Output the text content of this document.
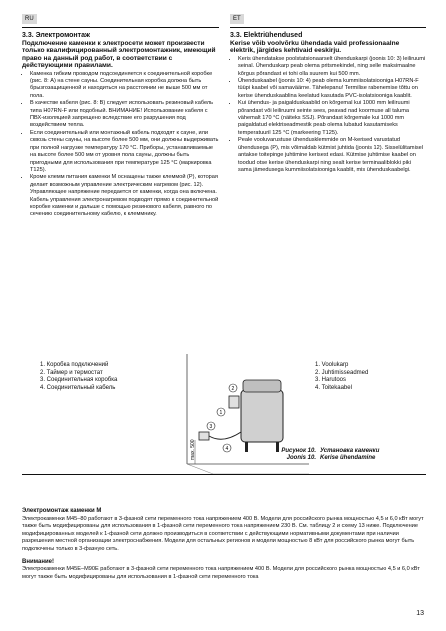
RU	ET
3.3. Электромонтаж

Подключение каменки к электросети может произвести только квалифицированный электромонтажник, имеющий право на данный род работ, в соответствии с действующими правилами.

• Каменка гибким проводом подсоединяется к соединительной коробке (рис. 8: А) на стене сауны. Соединительная коробка должна быть брызгозащищенной и находиться на расстоянии не выше 500 мм от пола.
• В качестве кабеля (рис. 8: B) следует использовать резиновый кабель типа H07RN-F или подобный. ВНИМАНИЕ! Использование кабеля с ПВХ-изоляцией запрещено вследствие его разрушения под воздействием тепла.
• Если соединительный или монтажный кабель подходят к сауне, или сквозь стены сауны, на высоте более 500 мм, они должны выдерживать при полной нагрузке температуру 170 °C. Приборы, устанавливаемые на высоте более 500 мм от уровня пола сауны, должны быть пригодными для использования при температуре 125 °C (маркировка T125).
• Кроме клемм питания каменки M оснащены также клеммой (P), которая делает возможным управление электрическим нагревом (рис. 12). Управляющее напряжение передается от каменки, когда она включена. Кабель управления электронагревом подводят прямо к соединительной коробке каменки и дальше с помощью резинового кабеля, равного по сечению соединительному кабелю, к клеммнику.
3.3. Elektriühendused

Kerise võib voolvõrku ühendada vaid professionaalne elektrik, järgides kehtivaid eeskirju.

• Keris ühendatakse poolstatsionaarselt ühenduskarpi (joonis 10: 3) leiliruumi seinal. Ühenduskarp peab olema pritsmekindel, ning selle maksimaalne kõrgus põrandast ei tohi olla suurem kui 500 mm.
• Ühenduskaabel (joonis 10: 4) peab olema kummiisolatsiooniga H07RN-F tüüpi kaabel või samaväärne. Tähelepanu! Termilise rabenemise tõttu on kerise ühenduskaablina keelatud kasutada PVC-isolatsiooniga kaablit.
• Kui ühendus- ja paigalduskaablid on kõrgemal kui 1000 mm leiliruumi põrandast või leiliruumi seinte sees, peavad nad koormuse all taluma vähemalt 170 °C (näiteks SSJ). Põrandast kõrgemale kui 1000 mm paigaldatud elektriseadmestik peab olema lubatud kasutamiseks temperatuuril 125 °C (markeering T125).
• Peale vooluvarustuse ühendusklemmide on M-kerised varustatud ühendusega (P), mis võimaldab kütmist juhtida (joonis 12). Sisselülitamisel antakse toitepinge juhtimine kerisest edasi. Kütmise juhtimise kaabel on toodud otse kerise ühenduskarpi ning sealt kerise terminaaliblokki piki sama jämedusega kummiisolatsiooniga kaablit, mis ühenduskaabelgi.
1. Коробка подключений
2. Таймер и термостат
3. Соединительная коробка
4. Соединительный кабель
1. Voolukarp
2. Juhtimisseadmed
3. Harutoos
4. Toitekaabel
max. 500
1
2
3
4	Рисунок 10.
Joonis 10.
Установка каменки
Kerise ühendamine
Электромонтаж каменки M
Электрокаменки M45–80 работают в 3-фазной сети переменного тока напряжением 400 В. Модели для российского рынка мощностью 4,5 и 6,0 кВт могут также быть модифицированы для использования в 1-фазной сети переменного тока напряжением 230 В. См. таблицу 2 и схему 13 ниже. Подключение модифицированных моделей к 1-фазной сети должно производиться в соответствии с действующими нормативными документами при наличии разрешения местной организации электроснабжения. Модели для остальных регионов и модели мощностью 8 кВт для российского рынка могут быть подключены только в 3-фазную сеть.
Внимание!
Электрокаменки M45E–M90E работают в 3-фазной сети переменного тока напряжением 400 В. Модели для российского рынка мощностью 4,5 и 6,0 кВт могут также быть модифицированы для использования в 1-фазной сети переменного тока
13
